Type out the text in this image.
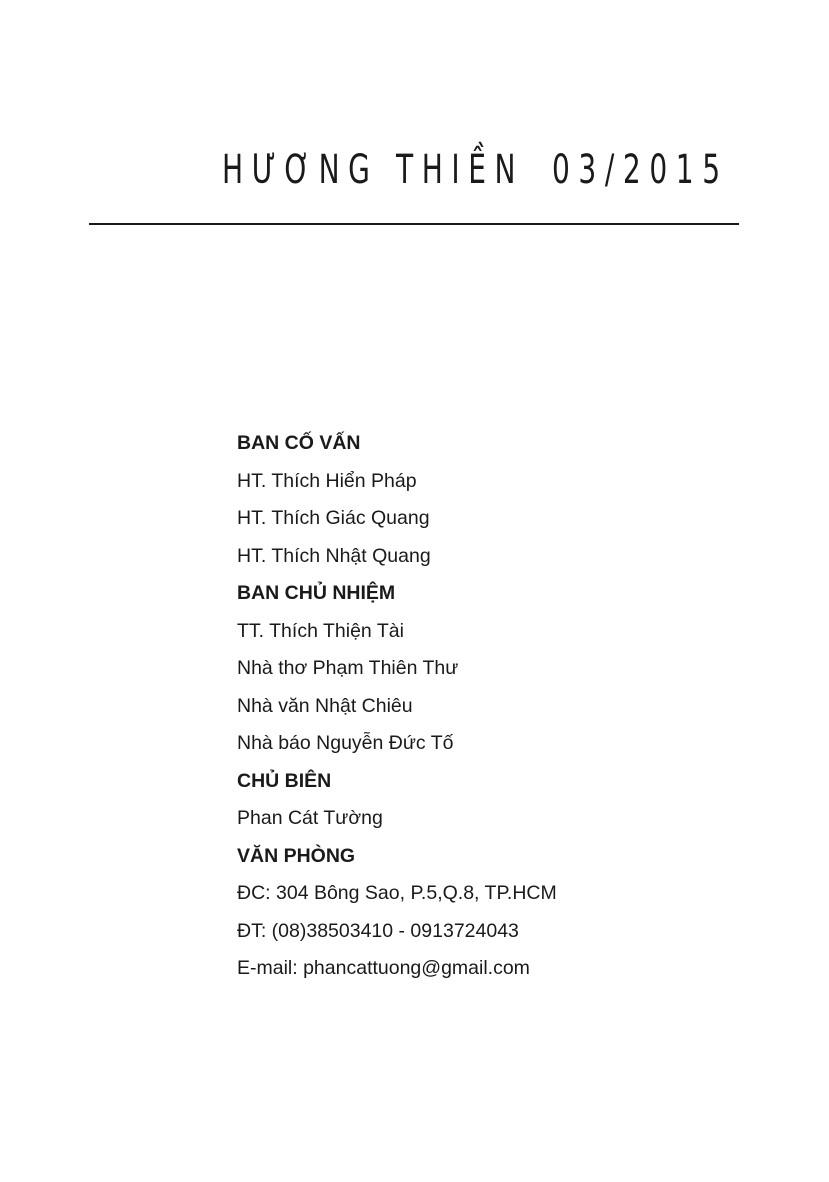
HƯƠNG THIỀN 03/2015
BAN CỐ VẤN
HT. Thích Hiển Pháp
HT. Thích Giác Quang
HT. Thích Nhật Quang
BAN CHỦ NHIỆM
TT. Thích Thiện Tài
Nhà thơ Phạm Thiên Thư
Nhà văn Nhật Chiêu
Nhà báo Nguyễn Đức Tố
CHỦ BIÊN
Phan Cát Tường
VĂN PHÒNG
ĐC: 304 Bông Sao, P.5,Q.8, TP.HCM
ĐT: (08)38503410 - 0913724043
E-mail: phancattuong@gmail.com
